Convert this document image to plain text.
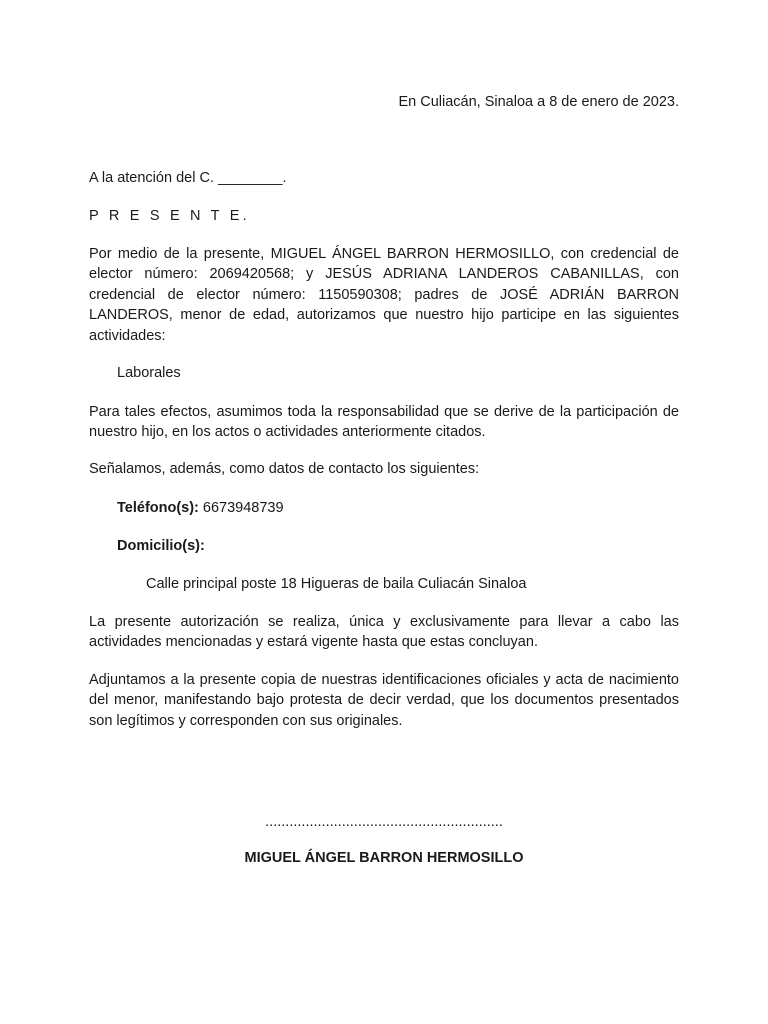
En Culiacán, Sinaloa a 8 de enero de 2023.
A la atención del C. ________.
P R E S E N T E.
Por medio de la presente, MIGUEL ÁNGEL BARRON HERMOSILLO, con credencial de elector número: 2069420568; y JESÚS ADRIANA LANDEROS CABANILLAS, con credencial de elector número: 1150590308; padres de JOSÉ ADRIÁN BARRON LANDEROS, menor de edad, autorizamos que nuestro hijo participe en las siguientes actividades:
Laborales
Para tales efectos, asumimos toda la responsabilidad que se derive de la participación de nuestro hijo, en los actos o actividades anteriormente citados.
Señalamos, además, como datos de contacto los siguientes:
Teléfono(s): 6673948739
Domicilio(s):
Calle principal poste 18 Higueras de baila Culiacán Sinaloa
La presente autorización se realiza, única y exclusivamente para llevar a cabo las actividades mencionadas y estará vigente hasta que estas concluyan.
Adjuntamos a la presente copia de nuestras identificaciones oficiales y acta de nacimiento del menor, manifestando bajo protesta de decir verdad, que los documentos presentados son legítimos y corresponden con sus originales.
...........................................................
MIGUEL ÁNGEL BARRON HERMOSILLO
